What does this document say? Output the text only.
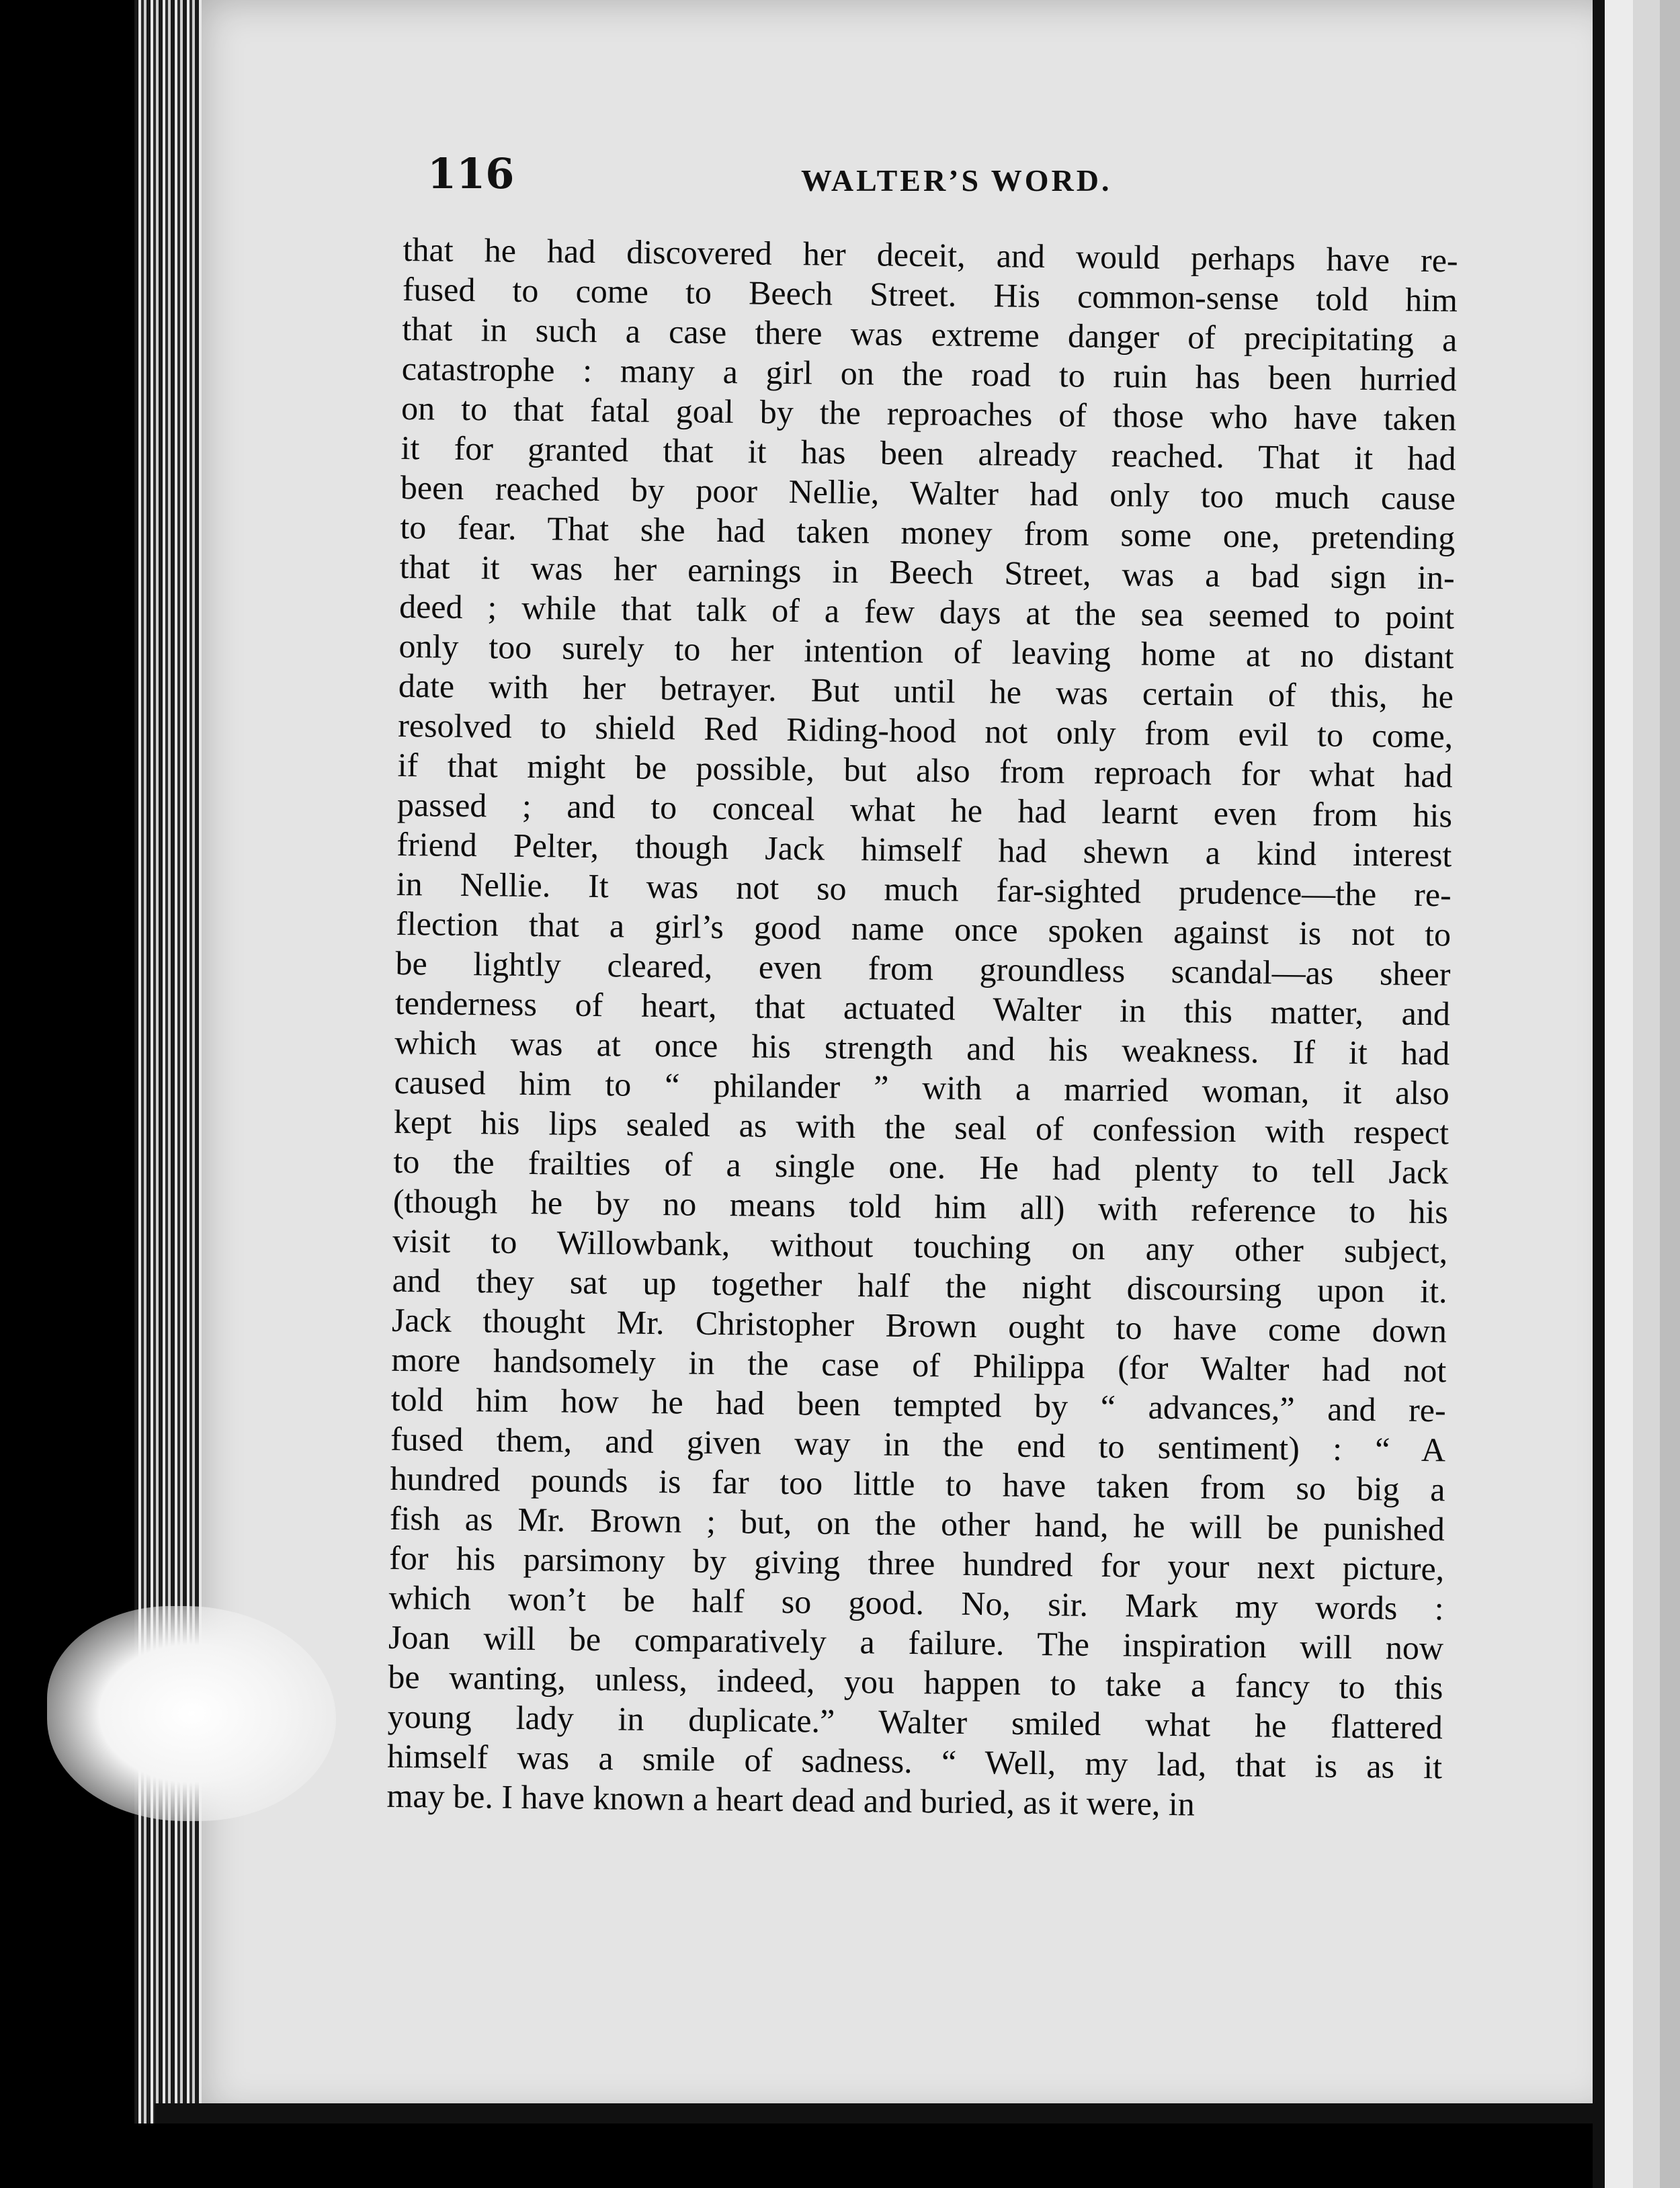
116	WALTER’S WORD.
that he had discovered her deceit, and would perhaps have re-
fused to come to Beech Street. His common-sense told him
that in such a case there was extreme danger of precipitating a
catastrophe : many a girl on the road to ruin has been hurried
on to that fatal goal by the reproaches of those who have taken
it for granted that it has been already reached. That it had
been reached by poor Nellie, Walter had only too much cause
to fear. That she had taken money from some one, pretending
that it was her earnings in Beech Street, was a bad sign in-
deed ; while that talk of a few days at the sea seemed to point
only too surely to her intention of leaving home at no distant
date with her betrayer. But until he was certain of this, he
resolved to shield Red Riding-hood not only from evil to come,
if that might be possible, but also from reproach for what had
passed ; and to conceal what he had learnt even from his
friend Pelter, though Jack himself had shewn a kind interest
in Nellie. It was not so much far-sighted prudence—the re-
flection that a girl’s good name once spoken against is not to
be lightly cleared, even from groundless scandal—as sheer
tenderness of heart, that actuated Walter in this matter, and
which was at once his strength and his weakness. If it had
caused him to “ philander ” with a married woman, it also
kept his lips sealed as with the seal of confession with respect
to the frailties of a single one. He had plenty to tell Jack
(though he by no means told him all) with reference to his
visit to Willowbank, without touching on any other subject,
and they sat up together half the night discoursing upon it.
Jack thought Mr. Christopher Brown ought to have come down
more handsomely in the case of Philippa (for Walter had not
told him how he had been tempted by “ advances,” and re-
fused them, and given way in the end to sentiment) : “ A
hundred pounds is far too little to have taken from so big a
fish as Mr. Brown ; but, on the other hand, he will be punished
for his parsimony by giving three hundred for your next picture,
which won’t be half so good. No, sir. Mark my words :
Joan will be comparatively a failure. The inspiration will now
be wanting, unless, indeed, you happen to take a fancy to this
young lady in duplicate.” Walter smiled what he flattered
himself was a smile of sadness. “ Well, my lad, that is as it
may be. I have known a heart dead and buried, as it were, in
